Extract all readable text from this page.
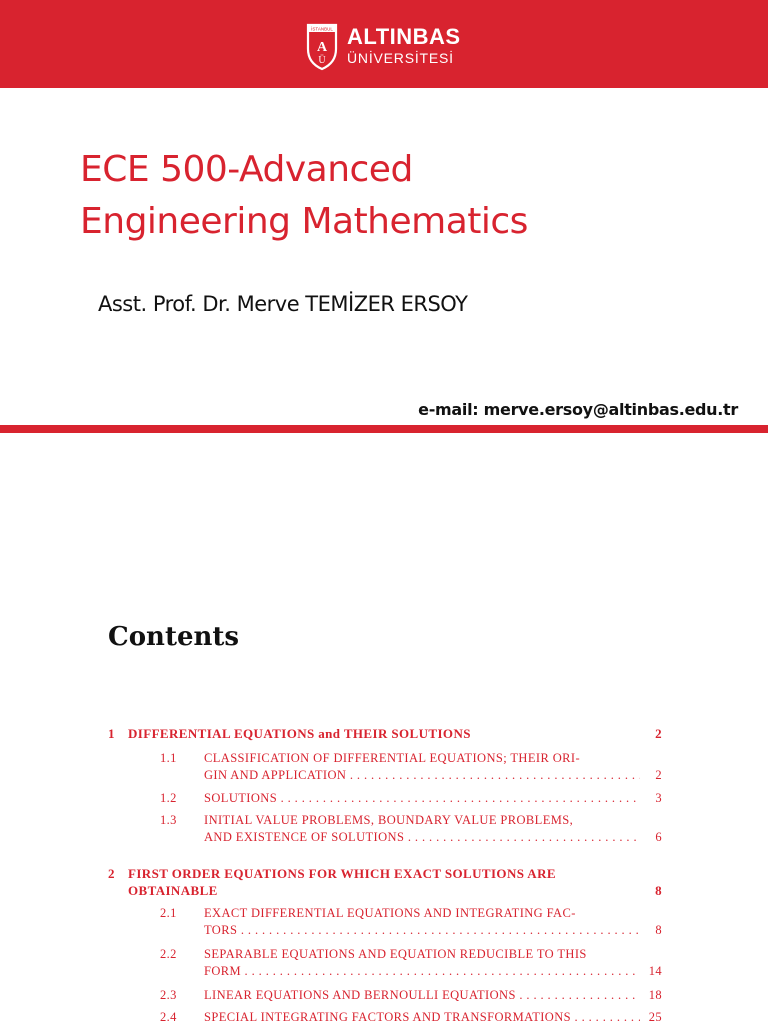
İSTANBUL
A
Ü
ALTINBAS
ÜNİVERSİTESİ
ECE 500-Advanced
Engineering Mathematics
Asst. Prof. Dr. Merve TEMİZER ERSOY
e-mail: merve.ersoy@altinbas.edu.tr
Contents
1 DIFFERENTIAL EQUATIONS and THEIR SOLUTIONS	2
1.1 CLASSIFICATION OF DIFFERENTIAL EQUATIONS; THEIR ORI-
GIN AND APPLICATION . . .	2
1.2 SOLUTIONS . . .	3
1.3 INITIAL VALUE PROBLEMS, BOUNDARY VALUE PROBLEMS,
AND EXISTENCE OF SOLUTIONS . . .	6
2 FIRST ORDER EQUATIONS FOR WHICH EXACT SOLUTIONS ARE
OBTAINABLE	8
2.1 EXACT DIFFERENTIAL EQUATIONS AND INTEGRATING FAC-
TORS . . .	8
2.2 SEPARABLE EQUATIONS AND EQUATION REDUCIBLE TO THIS
FORM . . .	14
2.3 LINEAR EQUATIONS AND BERNOULLI EQUATIONS . . .	18
2.4 SPECIAL INTEGRATING FACTORS AND TRANSFORMATIONS . . .	25
